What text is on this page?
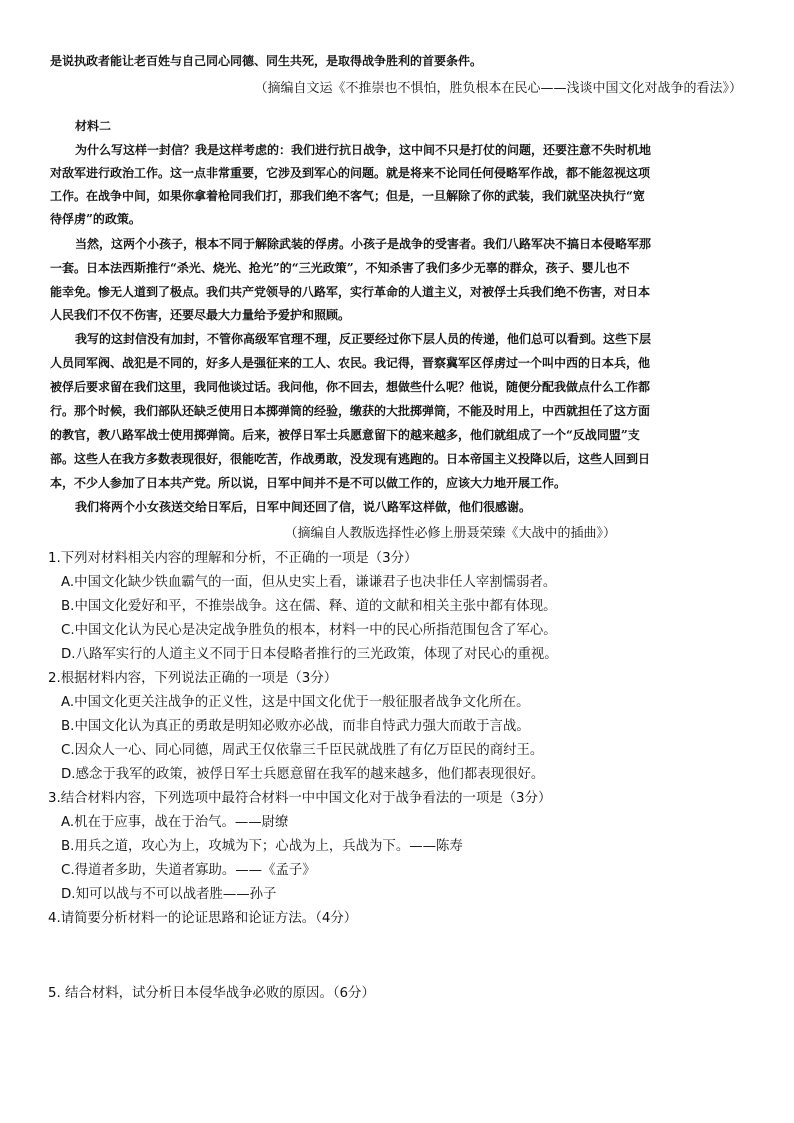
是说执政者能让老百姓与自己同心同德、同生共死，是取得战争胜利的首要条件。
（摘编自文运《不推崇也不惧怕，胜负根本在民心——浅谈中国文化对战争的看法》）
材料二
为什么写这样一封信？我是这样考虑的：我们进行抗日战争，这中间不只是打仗的问题，还要注意不失时机地
对敌军进行政治工作。这一点非常重要，它涉及到军心的问题。就是将来不论同任何侵略军作战，都不能忽视这项
工作。在战争中间，如果你拿着枪同我们打，那我们绝不客气；但是，一旦解除了你的武装，我们就坚决执行“宽
待俘虏”的政策。
当然，这两个小孩子，根本不同于解除武装的俘虏。小孩子是战争的受害者。我们八路军决不搞日本侵略军那
一套。日本法西斯推行“杀光、烧光、抢光”的“三光政策”，不知杀害了我们多少无辜的群众，孩子、婴儿也不
能幸免。惨无人道到了极点。我们共产党领导的八路军，实行革命的人道主义，对被俘士兵我们绝不伤害，对日本
人民我们不仅不伤害，还要尽最大力量给予爱护和照顾。
我写的这封信没有加封，不管你高级军官理不理，反正要经过你下层人员的传递，他们总可以看到。这些下层
人员同军阀、战犯是不同的，好多人是强征来的工人、农民。我记得，晋察冀军区俘虏过一个叫中西的日本兵，他
被俘后要求留在我们这里，我同他谈过话。我问他，你不回去，想做些什么呢？他说，随便分配我做点什么工作都
行。那个时候，我们部队还缺乏使用日本掷弹筒的经验，缴获的大批掷弹筒，不能及时用上，中西就担任了这方面
的教官，教八路军战士使用掷弹筒。后来，被俘日军士兵愿意留下的越来越多，他们就组成了一个“反战同盟”支
部。这些人在我方多数表现很好，很能吃苦，作战勇敢，没发现有逃跑的。日本帝国主义投降以后，这些人回到日
本，不少人参加了日本共产党。所以说，日军中间并不是不可以做工作的，应该大力地开展工作。
我们将两个小女孩送交给日军后，日军中间还回了信，说八路军这样做，他们很感谢。
（摘编自人教版选择性必修上册聂荣臻《大战中的插曲》）
1.下列对材料相关内容的理解和分析，不正确的一项是（3分）
A.中国文化缺少铁血霸气的一面，但从史实上看，谦谦君子也决非任人宰割懦弱者。
B.中国文化爱好和平，不推崇战争。这在儒、释、道的文献和相关主张中都有体现。
C.中国文化认为民心是决定战争胜负的根本，材料一中的民心所指范围包含了军心。
D.八路军实行的人道主义不同于日本侵略者推行的三光政策，体现了对民心的重视。
2.根据材料内容，下列说法正确的一项是（3分）
A.中国文化更关注战争的正义性，这是中国文化优于一般征服者战争文化所在。
B.中国文化认为真正的勇敢是明知必败亦必战，而非自恃武力强大而敢于言战。
C.因众人一心、同心同德，周武王仅依靠三千臣民就战胜了有亿万臣民的商纣王。
D.感念于我军的政策，被俘日军士兵愿意留在我军的越来越多，他们都表现很好。
3.结合材料内容，下列选项中最符合材料一中中国文化对于战争看法的一项是（3分）
A.机在于应事，战在于治气。——尉缭
B.用兵之道，攻心为上，攻城为下；心战为上，兵战为下。——陈寿
C.得道者多助，失道者寡助。——《孟子》
D.知可以战与不可以战者胜——孙子
4.请简要分析材料一的论证思路和论证方法。（4分）
5. 结合材料，试分析日本侵华战争必败的原因。（6分）
